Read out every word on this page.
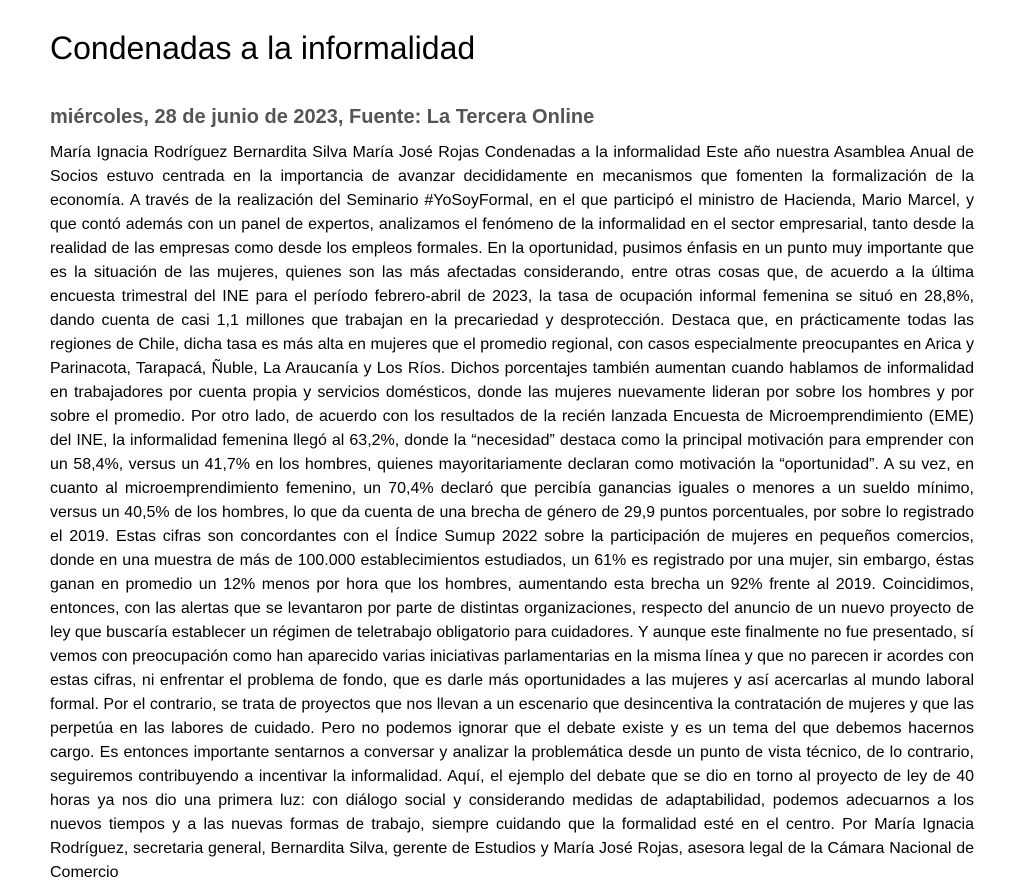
Condenadas a la informalidad
miércoles, 28 de junio de 2023, Fuente: La Tercera Online

María Ignacia Rodríguez Bernardita Silva María José Rojas Condenadas a la informalidad Este año nuestra Asamblea Anual de Socios estuvo centrada en la importancia de avanzar decididamente en mecanismos que fomenten la formalización de la economía. A través de la realización del Seminario #YoSoyFormal, en el que participó el ministro de Hacienda, Mario Marcel, y que contó además con un panel de expertos, analizamos el fenómeno de la informalidad en el sector empresarial, tanto desde la realidad de las empresas como desde los empleos formales. En la oportunidad, pusimos énfasis en un punto muy importante que es la situación de las mujeres, quienes son las más afectadas considerando, entre otras cosas que, de acuerdo a la última encuesta trimestral del INE para el período febrero-abril de 2023, la tasa de ocupación informal femenina se situó en 28,8%, dando cuenta de casi 1,1 millones que trabajan en la precariedad y desprotección. Destaca que, en prácticamente todas las regiones de Chile, dicha tasa es más alta en mujeres que el promedio regional, con casos especialmente preocupantes en Arica y Parinacota, Tarapacá, Ñuble, La Araucanía y Los Ríos. Dichos porcentajes también aumentan cuando hablamos de informalidad en trabajadores por cuenta propia y servicios domésticos, donde las mujeres nuevamente lideran por sobre los hombres y por sobre el promedio. Por otro lado, de acuerdo con los resultados de la recién lanzada Encuesta de Microemprendimiento (EME) del INE, la informalidad femenina llegó al 63,2%, donde la “necesidad” destaca como la principal motivación para emprender con un 58,4%, versus un 41,7% en los hombres, quienes mayoritariamente declaran como motivación la “oportunidad”. A su vez, en cuanto al microemprendimiento femenino, un 70,4% declaró que percibía ganancias iguales o menores a un sueldo mínimo, versus un 40,5% de los hombres, lo que da cuenta de una brecha de género de 29,9 puntos porcentuales, por sobre lo registrado el 2019. Estas cifras son concordantes con el Índice Sumup 2022 sobre la participación de mujeres en pequeños comercios, donde en una muestra de más de 100.000 establecimientos estudiados, un 61% es registrado por una mujer, sin embargo, éstas ganan en promedio un 12% menos por hora que los hombres, aumentando esta brecha un 92% frente al 2019. Coincidimos, entonces, con las alertas que se levantaron por parte de distintas organizaciones, respecto del anuncio de un nuevo proyecto de ley que buscaría establecer un régimen de teletrabajo obligatorio para cuidadores. Y aunque este finalmente no fue presentado, sí vemos con preocupación como han aparecido varias iniciativas parlamentarias en la misma línea y que no parecen ir acordes con estas cifras, ni enfrentar el problema de fondo, que es darle más oportunidades a las mujeres y así acercarlas al mundo laboral formal. Por el contrario, se trata de proyectos que nos llevan a un escenario que desincentiva la contratación de mujeres y que las perpetúa en las labores de cuidado. Pero no podemos ignorar que el debate existe y es un tema del que debemos hacernos cargo. Es entonces importante sentarnos a conversar y analizar la problemática desde un punto de vista técnico, de lo contrario, seguiremos contribuyendo a incentivar la informalidad. Aquí, el ejemplo del debate que se dio en torno al proyecto de ley de 40 horas ya nos dio una primera luz: con diálogo social y considerando medidas de adaptabilidad, podemos adecuarnos a los nuevos tiempos y a las nuevas formas de trabajo, siempre cuidando que la formalidad esté en el centro. Por María Ignacia Rodríguez, secretaria general, Bernardita Silva, gerente de Estudios y María José Rojas, asesora legal de la Cámara Nacional de Comercio
